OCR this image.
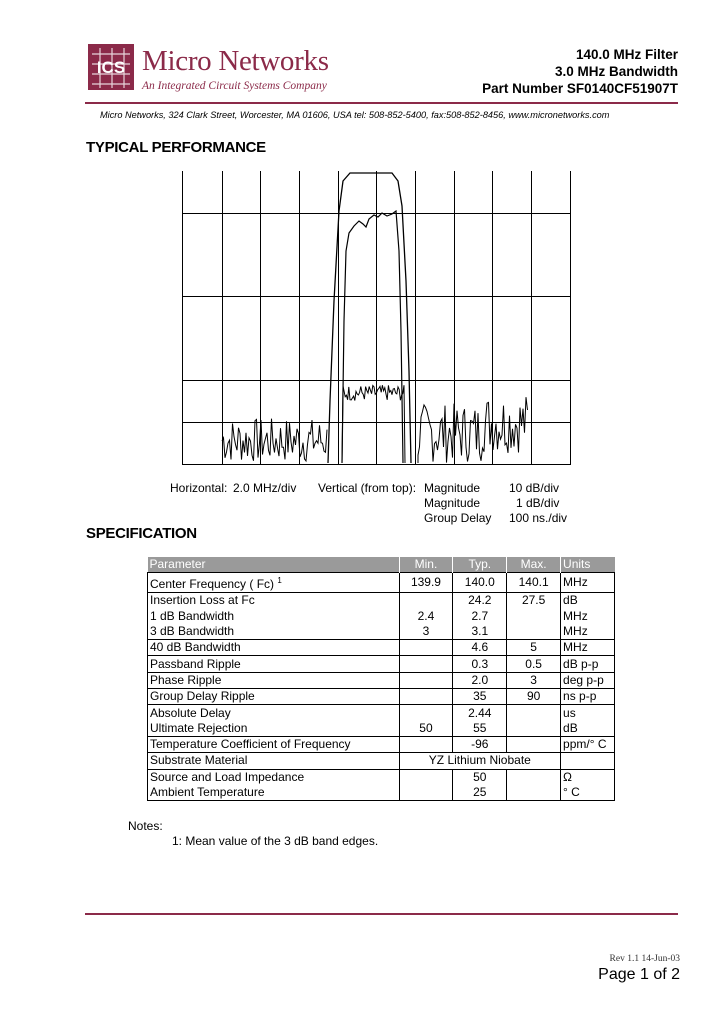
ICS Micro Networks
An Integrated Circuit Systems Company
140.0 MHz Filter
3.0 MHz Bandwidth
Part Number SF0140CF51907T
Micro Networks, 324 Clark Street, Worcester, MA 01606, USA tel: 508-852-5400, fax:508-852-8456, www.micronetworks.com
TYPICAL PERFORMANCE
Horizontal: 2.0 MHz/div Vertical (from top): Magnitude 10 dB/div
Magnitude	1 dB/div
Group Delay 100 ns./div
SPECIFICATION
Parameter	Min.	Typ.	Max.	Units
Center Frequency ( Fc) $^1$	139.9	140.0	140.1	MHz
Insertion Loss at Fc		24.2	27.5	dB
1 dB Bandwidth	2.4	2.7		MHz
3 dB Bandwidth	3	3.1		MHz
40 dB Bandwidth		4.6	5	MHz
Passband Ripple		0.3	0.5	dB p-p
Phase Ripple		2.0	3	deg p-p
Group Delay Ripple		35	90	ns p-p
Absolute Delay		2.44		us
Ultimate Rejection	50	55		dB
Temperature Coefficient of Frequency		-96		ppm/° C
Substrate Material	YZ Lithium Niobate			
Source and Load Impedance		50		Ω
Ambient Temperature		25		° C
Notes:
1: Mean value of the 3 dB band edges.
Rev 1.1 14-Jun-03
Page 1 of 2
